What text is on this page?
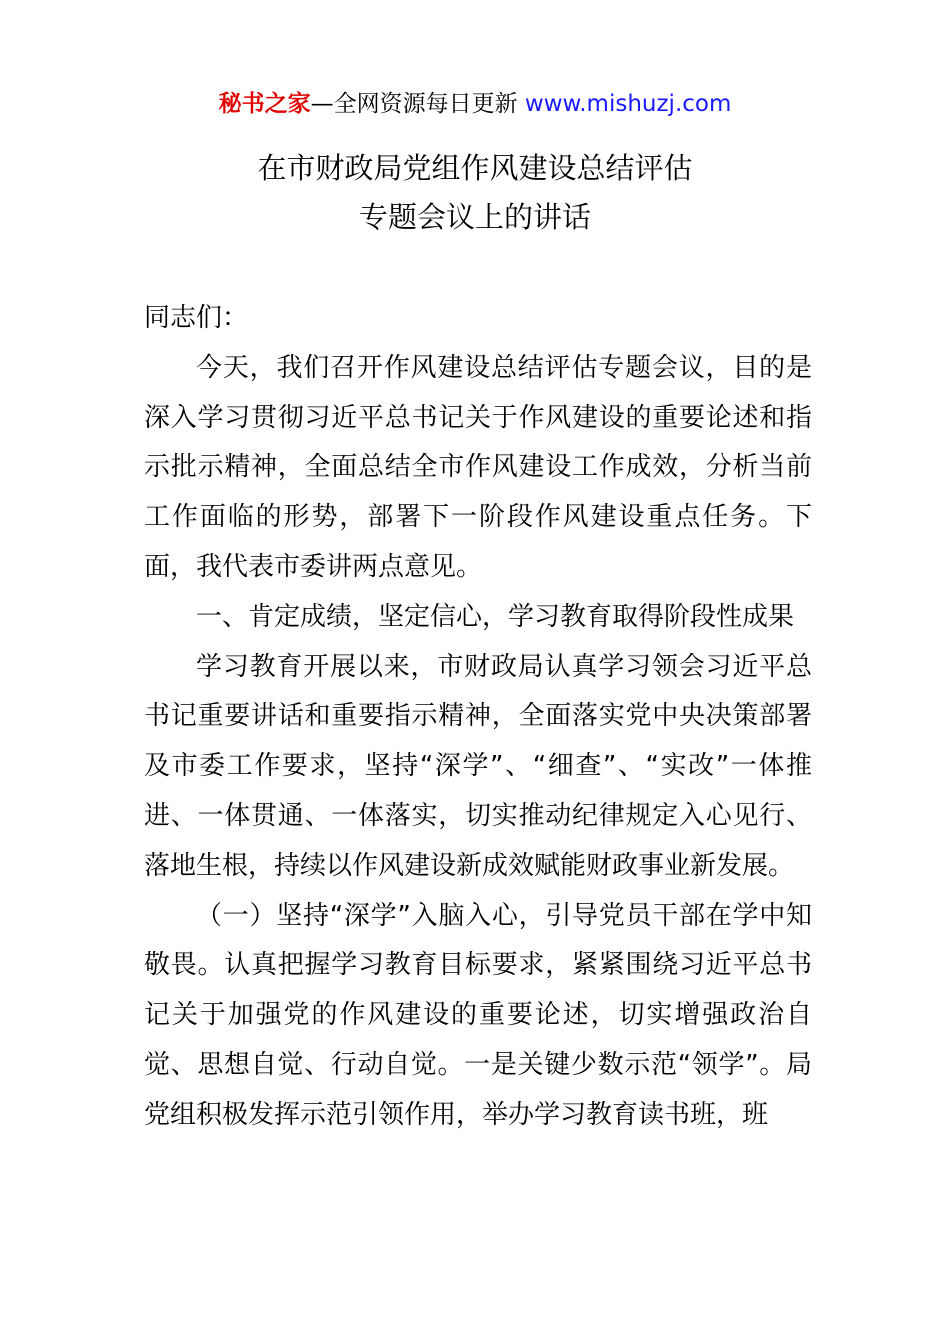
秘书之家—全网资源每日更新 www.mishuzj.com
在市财政局党组作风建设总结评估
专题会议上的讲话

同志们：

今天，我们召开作风建设总结评估专题会议，目的是深入学习贯彻习近平总书记关于作风建设的重要论述和指示批示精神，全面总结全市作风建设工作成效，分析当前工作面临的形势，部署下一阶段作风建设重点任务。下面，我代表市委讲两点意见。

一、肯定成绩，坚定信心，学习教育取得阶段性成果

学习教育开展以来，市财政局认真学习领会习近平总书记重要讲话和重要指示精神，全面落实党中央决策部署及市委工作要求，坚持“深学”、“细查”、“实改”一体推进、一体贯通、一体落实，切实推动纪律规定入心见行、落地生根，持续以作风建设新成效赋能财政事业新发展。

（一）坚持“深学”入脑入心，引导党员干部在学中知敬畏。认真把握学习教育目标要求，紧紧围绕习近平总书记关于加强党的作风建设的重要论述，切实增强政治自觉、思想自觉、行动自觉。一是关键少数示范“领学”。局党组积极发挥示范引领作用，举办学习教育读书班，班
